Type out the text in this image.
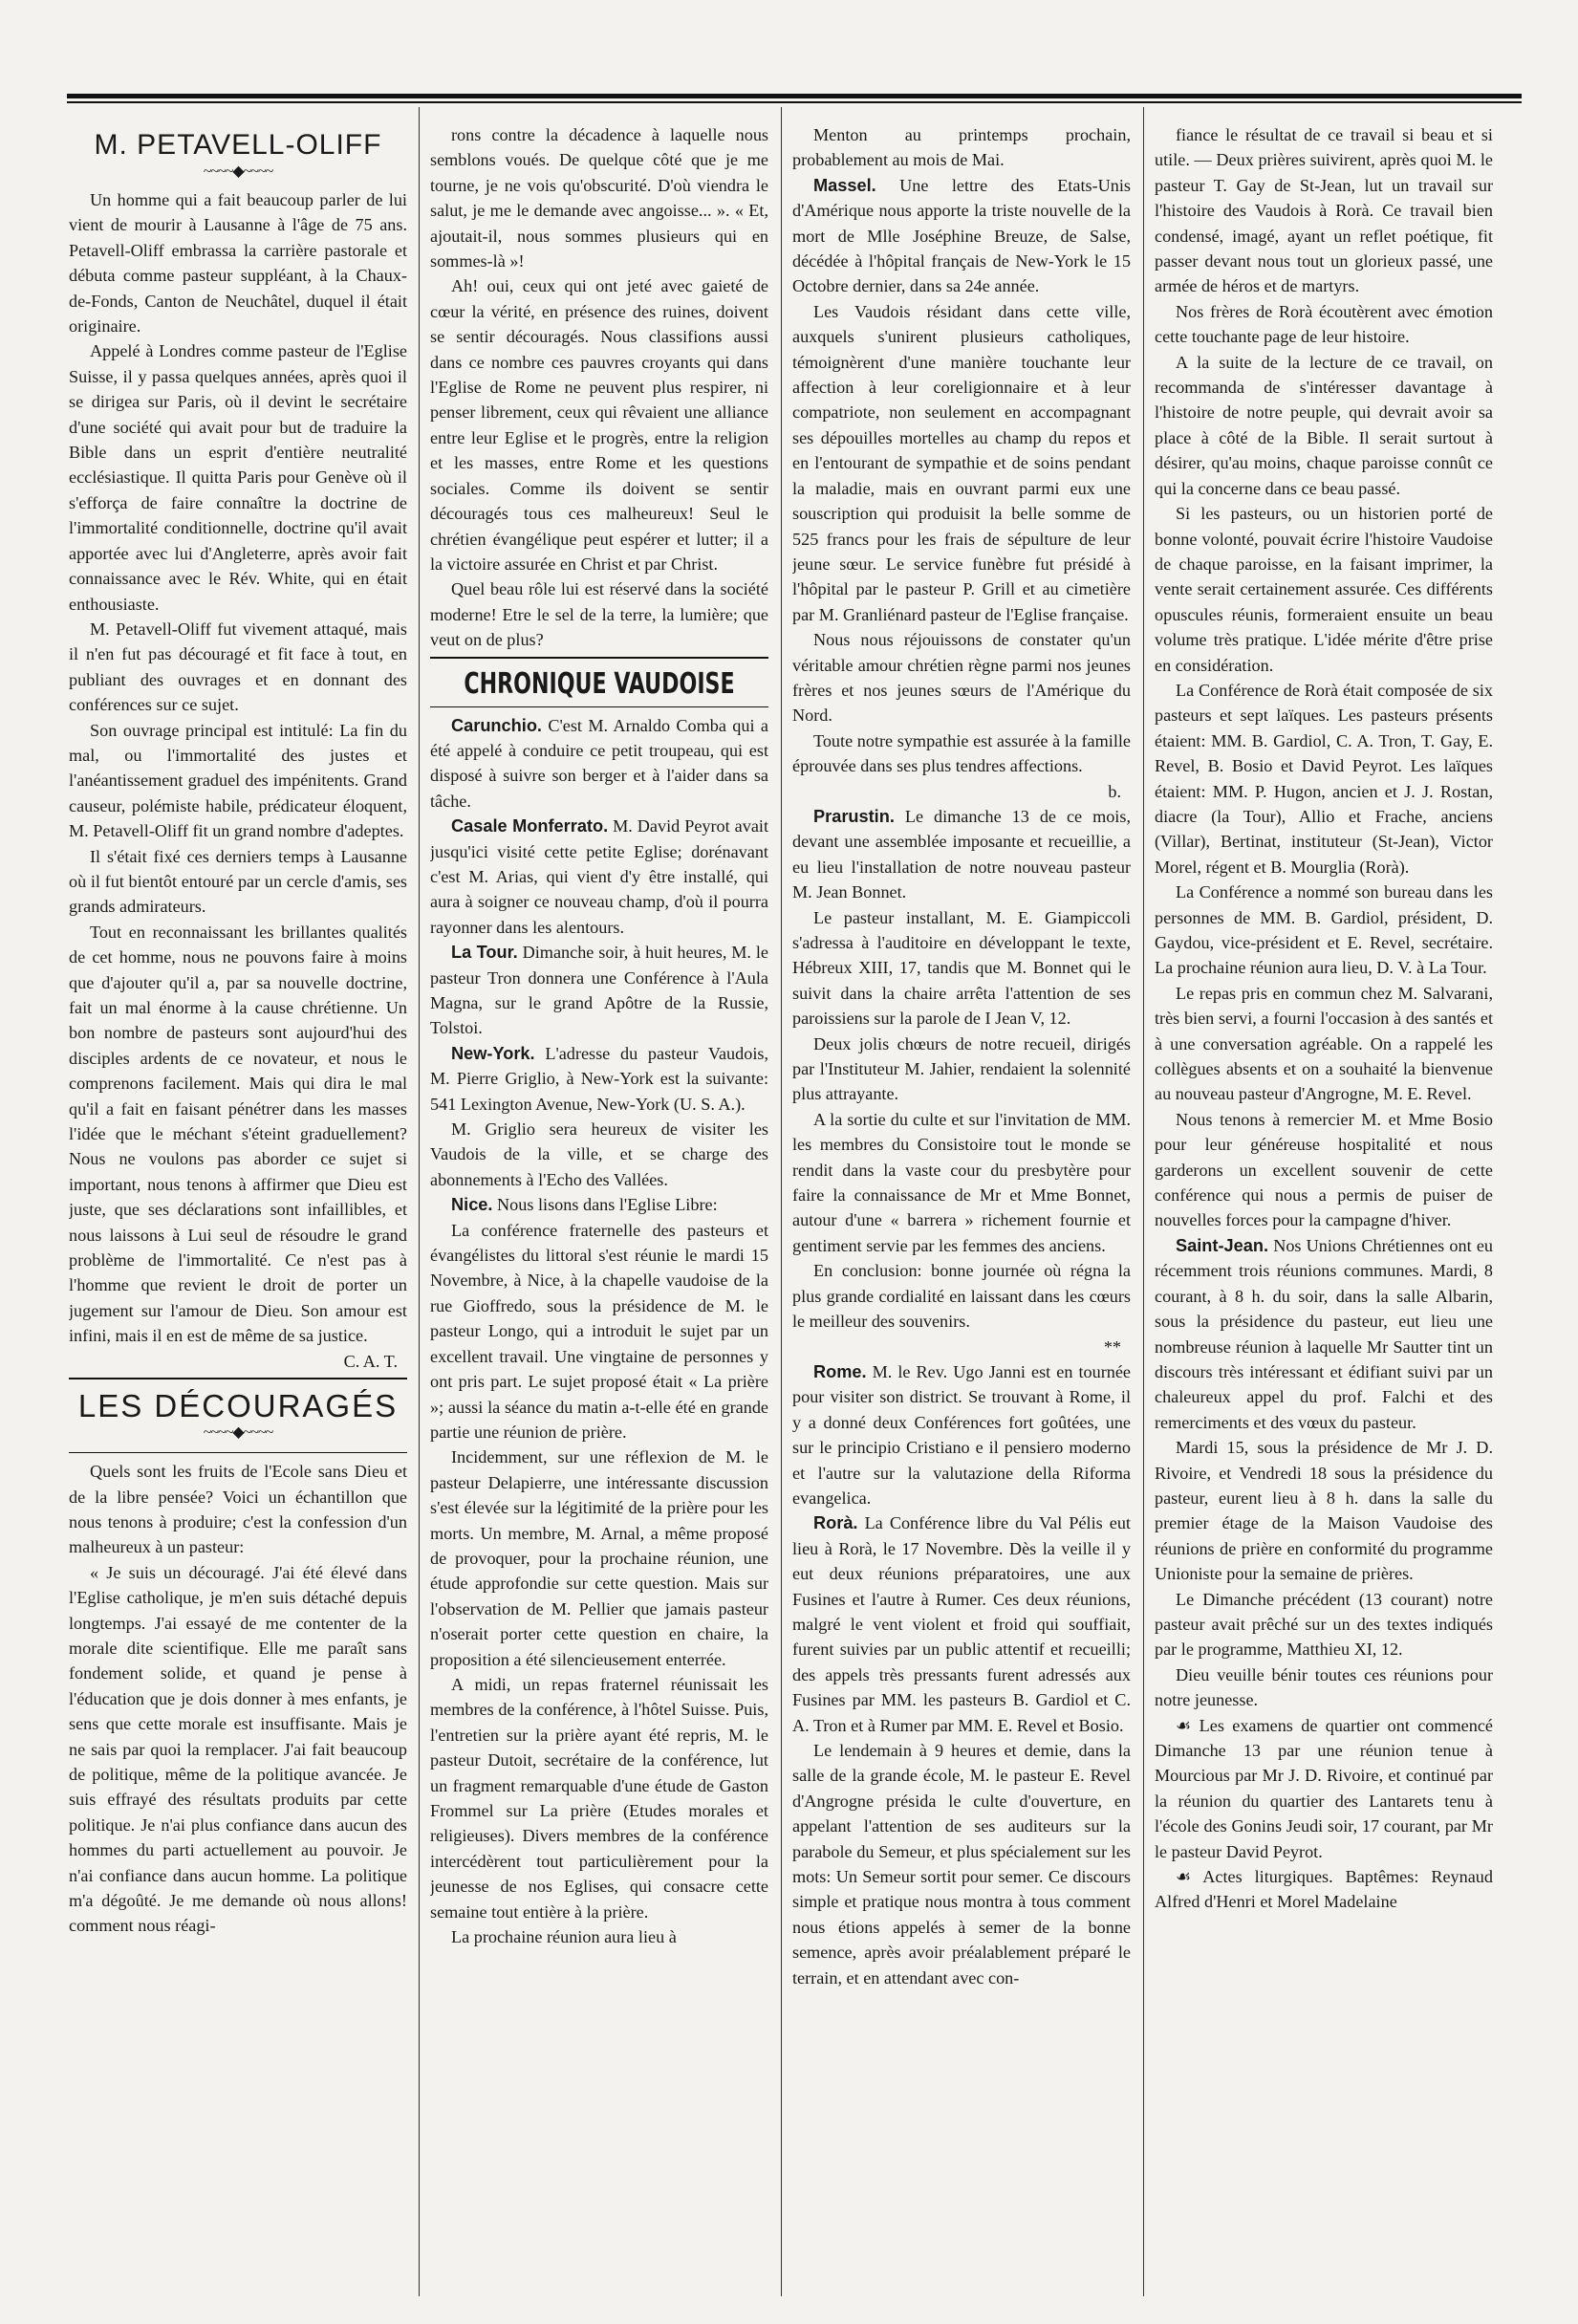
M. PETAVELL-OLIFF
~~~~◆~~~~

Un homme qui a fait beaucoup parler de lui vient de mourir à Lausanne à l'âge de 75 ans. Petavell-Oliff embrassa la carrière pastorale et débuta comme pasteur suppléant, à la Chaux-de-Fonds, Canton de Neuchâtel, duquel il était originaire.

Appelé à Londres comme pasteur de l'Eglise Suisse, il y passa quelques années, après quoi il se dirigea sur Paris, où il devint le secrétaire d'une société qui avait pour but de traduire la Bible dans un esprit d'entière neutralité ecclésiastique. Il quitta Paris pour Genève où il s'efforça de faire connaître la doctrine de l'immortalité conditionnelle, doctrine qu'il avait apportée avec lui d'Angleterre, après avoir fait connaissance avec le Rév. White, qui en était enthousiaste.

M. Petavell-Oliff fut vivement attaqué, mais il n'en fut pas découragé et fit face à tout, en publiant des ouvrages et en donnant des conférences sur ce sujet.

Son ouvrage principal est intitulé: La fin du mal, ou l'immortalité des justes et l'anéantissement graduel des impénitents. Grand causeur, polémiste habile, prédicateur éloquent, M. Petavell-Oliff fit un grand nombre d'adeptes.

Il s'était fixé ces derniers temps à Lausanne où il fut bientôt entouré par un cercle d'amis, ses grands admirateurs.

Tout en reconnaissant les brillantes qualités de cet homme, nous ne pouvons faire à moins que d'ajouter qu'il a, par sa nouvelle doctrine, fait un mal énorme à la cause chrétienne. Un bon nombre de pasteurs sont aujourd'hui des disciples ardents de ce novateur, et nous le comprenons facilement. Mais qui dira le mal qu'il a fait en faisant pénétrer dans les masses l'idée que le méchant s'éteint graduellement? Nous ne voulons pas aborder ce sujet si important, nous tenons à affirmer que Dieu est juste, que ses déclarations sont infaillibles, et nous laissons à Lui seul de résoudre le grand problème de l'immortalité. Ce n'est pas à l'homme que revient le droit de porter un jugement sur l'amour de Dieu. Son amour est infini, mais il en est de même de sa justice.

C. A. T.

LES DÉCOURAGÉS
~~~~◆~~~~

Quels sont les fruits de l'Ecole sans Dieu et de la libre pensée? Voici un échantillon que nous tenons à produire; c'est la confession d'un malheureux à un pasteur:

« Je suis un découragé. J'ai été élevé dans l'Eglise catholique, je m'en suis détaché depuis longtemps. J'ai essayé de me contenter de la morale dite scientifique. Elle me paraît sans fondement solide, et quand je pense à l'éducation que je dois donner à mes enfants, je sens que cette morale est insuffisante. Mais je ne sais par quoi la remplacer. J'ai fait beaucoup de politique, même de la politique avancée. Je suis effrayé des résultats produits par cette politique. Je n'ai plus confiance dans aucun des hommes du parti actuellement au pouvoir. Je n'ai confiance dans aucun homme. La politique m'a dégoûté. Je me demande où nous allons! comment nous réagi-

rons contre la décadence à laquelle nous semblons voués. De quelque côté que je me tourne, je ne vois qu'obscurité. D'où viendra le salut, je me le demande avec angoisse... ». « Et, ajoutait-il, nous sommes plusieurs qui en sommes-là »!

Ah! oui, ceux qui ont jeté avec gaieté de cœur la vérité, en présence des ruines, doivent se sentir découragés. Nous classifions aussi dans ce nombre ces pauvres croyants qui dans l'Eglise de Rome ne peuvent plus respirer, ni penser librement, ceux qui rêvaient une alliance entre leur Eglise et le progrès, entre la religion et les masses, entre Rome et les questions sociales. Comme ils doivent se sentir découragés tous ces malheureux! Seul le chrétien évangélique peut espérer et lutter; il a la victoire assurée en Christ et par Christ.

Quel beau rôle lui est réservé dans la société moderne! Etre le sel de la terre, la lumière; que veut on de plus?

CHRONIQUE VAUDOISE

Carunchio. C'est M. Arnaldo Comba qui a été appelé à conduire ce petit troupeau, qui est disposé à suivre son berger et à l'aider dans sa tâche.

Casale Monferrato. M. David Peyrot avait jusqu'ici visité cette petite Eglise; dorénavant c'est M. Arias, qui vient d'y être installé, qui aura à soigner ce nouveau champ, d'où il pourra rayonner dans les alentours.

La Tour. Dimanche soir, à huit heures, M. le pasteur Tron donnera une Conférence à l'Aula Magna, sur le grand Apôtre de la Russie, Tolstoi.

New-York. L'adresse du pasteur Vaudois, M. Pierre Griglio, à New-York est la suivante: 541 Lexington Avenue, New-York (U. S. A.).

M. Griglio sera heureux de visiter les Vaudois de la ville, et se charge des abonnements à l'Echo des Vallées.

Nice. Nous lisons dans l'Eglise Libre:

La conférence fraternelle des pasteurs et évangélistes du littoral s'est réunie le mardi 15 Novembre, à Nice, à la chapelle vaudoise de la rue Gioffredo, sous la présidence de M. le pasteur Longo, qui a introduit le sujet par un excellent travail. Une vingtaine de personnes y ont pris part. Le sujet proposé était « La prière »; aussi la séance du matin a-t-elle été en grande partie une réunion de prière.

Incidemment, sur une réflexion de M. le pasteur Delapierre, une intéressante discussion s'est élevée sur la légitimité de la prière pour les morts. Un membre, M. Arnal, a même proposé de provoquer, pour la prochaine réunion, une étude approfondie sur cette question. Mais sur l'observation de M. Pellier que jamais pasteur n'oserait porter cette question en chaire, la proposition a été silencieusement enterrée.

A midi, un repas fraternel réunissait les membres de la conférence, à l'hôtel Suisse. Puis, l'entretien sur la prière ayant été repris, M. le pasteur Dutoit, secrétaire de la conférence, lut un fragment remarquable d'une étude de Gaston Frommel sur La prière (Etudes morales et religieuses). Divers membres de la conférence intercédèrent tout particulièrement pour la jeunesse de nos Eglises, qui consacre cette semaine tout entière à la prière.

La prochaine réunion aura lieu à

Menton au printemps prochain, probablement au mois de Mai.

Massel. Une lettre des Etats-Unis d'Amérique nous apporte la triste nouvelle de la mort de Mlle Joséphine Breuze, de Salse, décédée à l'hôpital français de New-York le 15 Octobre dernier, dans sa 24e année.

Les Vaudois résidant dans cette ville, auxquels s'unirent plusieurs catholiques, témoignèrent d'une manière touchante leur affection à leur coreligionnaire et à leur compatriote, non seulement en accompagnant ses dépouilles mortelles au champ du repos et en l'entourant de sympathie et de soins pendant la maladie, mais en ouvrant parmi eux une souscription qui produisit la belle somme de 525 francs pour les frais de sépulture de leur jeune sœur. Le service funèbre fut présidé à l'hôpital par le pasteur P. Grill et au cimetière par M. Granliénard pasteur de l'Eglise française.

Nous nous réjouissons de constater qu'un véritable amour chrétien règne parmi nos jeunes frères et nos jeunes sœurs de l'Amérique du Nord.

Toute notre sympathie est assurée à la famille éprouvée dans ses plus tendres affections.

b.

Prarustin. Le dimanche 13 de ce mois, devant une assemblée imposante et recueillie, a eu lieu l'installation de notre nouveau pasteur M. Jean Bonnet.

Le pasteur installant, M. E. Giampiccoli s'adressa à l'auditoire en développant le texte, Hébreux XIII, 17, tandis que M. Bonnet qui le suivit dans la chaire arrêta l'attention de ses paroissiens sur la parole de I Jean V, 12.

Deux jolis chœurs de notre recueil, dirigés par l'Instituteur M. Jahier, rendaient la solennité plus attrayante.

A la sortie du culte et sur l'invitation de MM. les membres du Consistoire tout le monde se rendit dans la vaste cour du presbytère pour faire la connaissance de Mr et Mme Bonnet, autour d'une « barrera » richement fournie et gentiment servie par les femmes des anciens.

En conclusion: bonne journée où régna la plus grande cordialité en laissant dans les cœurs le meilleur des souvenirs.

**

Rome. M. le Rev. Ugo Janni est en tournée pour visiter son district. Se trouvant à Rome, il y a donné deux Conférences fort goûtées, une sur le principio Cristiano e il pensiero moderno et l'autre sur la valutazione della Riforma evangelica.

Rorà. La Conférence libre du Val Pélis eut lieu à Rorà, le 17 Novembre. Dès la veille il y eut deux réunions préparatoires, une aux Fusines et l'autre à Rumer. Ces deux réunions, malgré le vent violent et froid qui souffiait, furent suivies par un public attentif et recueilli; des appels très pressants furent adressés aux Fusines par MM. les pasteurs B. Gardiol et C. A. Tron et à Rumer par MM. E. Revel et Bosio.

Le lendemain à 9 heures et demie, dans la salle de la grande école, M. le pasteur E. Revel d'Angrogne présida le culte d'ouverture, en appelant l'attention de ses auditeurs sur la parabole du Semeur, et plus spécialement sur les mots: Un Semeur sortit pour semer. Ce discours simple et pratique nous montra à tous comment nous étions appelés à semer de la bonne semence, après avoir préalablement préparé le terrain, et en attendant avec con-

fiance le résultat de ce travail si beau et si utile. — Deux prières suivirent, après quoi M. le pasteur T. Gay de St-Jean, lut un travail sur l'histoire des Vaudois à Rorà. Ce travail bien condensé, imagé, ayant un reflet poétique, fit passer devant nous tout un glorieux passé, une armée de héros et de martyrs.

Nos frères de Rorà écoutèrent avec émotion cette touchante page de leur histoire.

A la suite de la lecture de ce travail, on recommanda de s'intéresser davantage à l'histoire de notre peuple, qui devrait avoir sa place à côté de la Bible. Il serait surtout à désirer, qu'au moins, chaque paroisse connût ce qui la concerne dans ce beau passé.

Si les pasteurs, ou un historien porté de bonne volonté, pouvait écrire l'histoire Vaudoise de chaque paroisse, en la faisant imprimer, la vente serait certainement assurée. Ces différents opuscules réunis, formeraient ensuite un beau volume très pratique. L'idée mérite d'être prise en considération.

La Conférence de Rorà était composée de six pasteurs et sept laïques. Les pasteurs présents étaient: MM. B. Gardiol, C. A. Tron, T. Gay, E. Revel, B. Bosio et David Peyrot. Les laïques étaient: MM. P. Hugon, ancien et J. J. Rostan, diacre (la Tour), Allio et Frache, anciens (Villar), Bertinat, instituteur (St-Jean), Victor Morel, régent et B. Mourglia (Rorà).

La Conférence a nommé son bureau dans les personnes de MM. B. Gardiol, président, D. Gaydou, vice-président et E. Revel, secrétaire. La prochaine réunion aura lieu, D. V. à La Tour.

Le repas pris en commun chez M. Salvarani, très bien servi, a fourni l'occasion à des santés et à une conversation agréable. On a rappelé les collègues absents et on a souhaité la bienvenue au nouveau pasteur d'Angrogne, M. E. Revel.

Nous tenons à remercier M. et Mme Bosio pour leur généreuse hospitalité et nous garderons un excellent souvenir de cette conférence qui nous a permis de puiser de nouvelles forces pour la campagne d'hiver.

Saint-Jean. Nos Unions Chrétiennes ont eu récemment trois réunions communes. Mardi, 8 courant, à 8 h. du soir, dans la salle Albarin, sous la présidence du pasteur, eut lieu une nombreuse réunion à laquelle Mr Sautter tint un discours très intéressant et édifiant suivi par un chaleureux appel du prof. Falchi et des remerciments et des vœux du pasteur.

Mardi 15, sous la présidence de Mr J. D. Rivoire, et Vendredi 18 sous la présidence du pasteur, eurent lieu à 8 h. dans la salle du premier étage de la Maison Vaudoise des réunions de prière en conformité du programme Unioniste pour la semaine de prières.

Le Dimanche précédent (13 courant) notre pasteur avait prêché sur un des textes indiqués par le programme, Matthieu XI, 12.

Dieu veuille bénir toutes ces réunions pour notre jeunesse.

☙ Les examens de quartier ont commencé Dimanche 13 par une réunion tenue à Mourcious par Mr J. D. Rivoire, et continué par la réunion du quartier des Lantarets tenu à l'école des Gonins Jeudi soir, 17 courant, par Mr le pasteur David Peyrot.

☙ Actes liturgiques. Baptêmes: Reynaud Alfred d'Henri et Morel Madelaine
